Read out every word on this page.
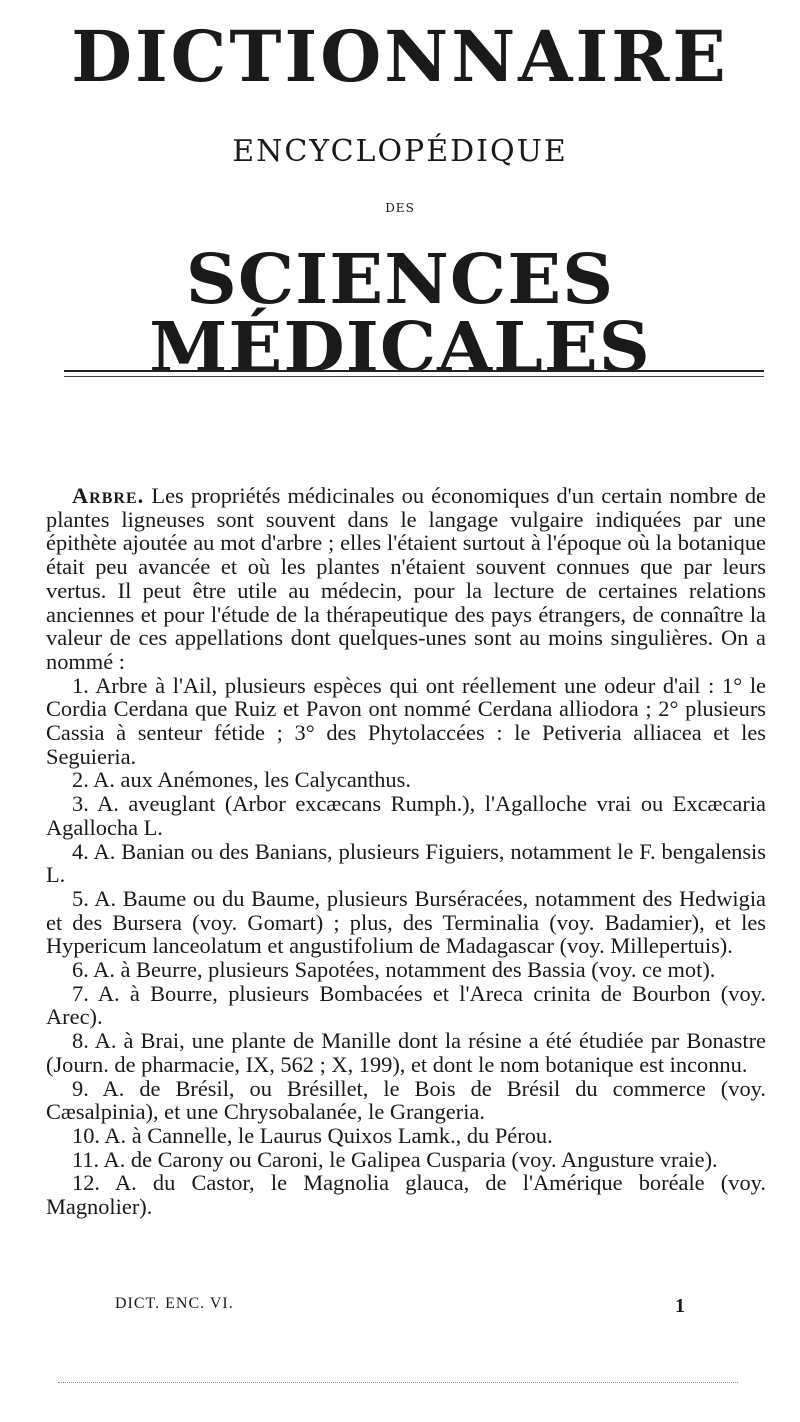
DICTIONNAIRE
ENCYCLOPÉDIQUE
DES
SCIENCES MÉDICALES

Arbre. Les propriétés médicinales ou économiques d'un certain nombre de plantes ligneuses sont souvent dans le langage vulgaire indiquées par une épithète ajoutée au mot d'arbre ; elles l'étaient surtout à l'époque où la botanique était peu avancée et où les plantes n'étaient souvent connues que par leurs vertus. Il peut être utile au médecin, pour la lecture de certaines relations anciennes et pour l'étude de la thérapeutique des pays étrangers, de connaître la valeur de ces appellations dont quelques-unes sont au moins singulières. On a nommé :

1. Arbre à l'Ail, plusieurs espèces qui ont réellement une odeur d'ail : 1° le Cordia Cerdana que Ruiz et Pavon ont nommé Cerdana alliodora ; 2° plusieurs Cassia à senteur fétide ; 3° des Phytolaccées : le Petiveria alliacea et les Seguieria.

2. A. aux Anémones, les Calycanthus.

3. A. aveuglant (Arbor excæcans Rumph.), l'Agalloche vrai ou Excæcaria Agallocha L.

4. A. Banian ou des Banians, plusieurs Figuiers, notamment le F. bengalensis L.

5. A. Baume ou du Baume, plusieurs Burséracées, notamment des Hedwigia et des Bursera (voy. Gomart) ; plus, des Terminalia (voy. Badamier), et les Hypericum lanceolatum et angustifolium de Madagascar (voy. Millepertuis).

6. A. à Beurre, plusieurs Sapotées, notamment des Bassia (voy. ce mot).

7. A. à Bourre, plusieurs Bombacées et l'Areca crinita de Bourbon (voy. Arec).

8. A. à Brai, une plante de Manille dont la résine a été étudiée par Bonastre (Journ. de pharmacie, IX, 562 ; X, 199), et dont le nom botanique est inconnu.

9. A. de Brésil, ou Brésillet, le Bois de Brésil du commerce (voy. Cæsalpinia), et une Chrysobalanée, le Grangeria.

10. A. à Cannelle, le Laurus Quixos Lamk., du Pérou.

11. A. de Carony ou Caroni, le Galipea Cusparia (voy. Angusture vraie).

12. A. du Castor, le Magnolia glauca, de l'Amérique boréale (voy. Magnolier).

DICT. ENC. VI.	1
